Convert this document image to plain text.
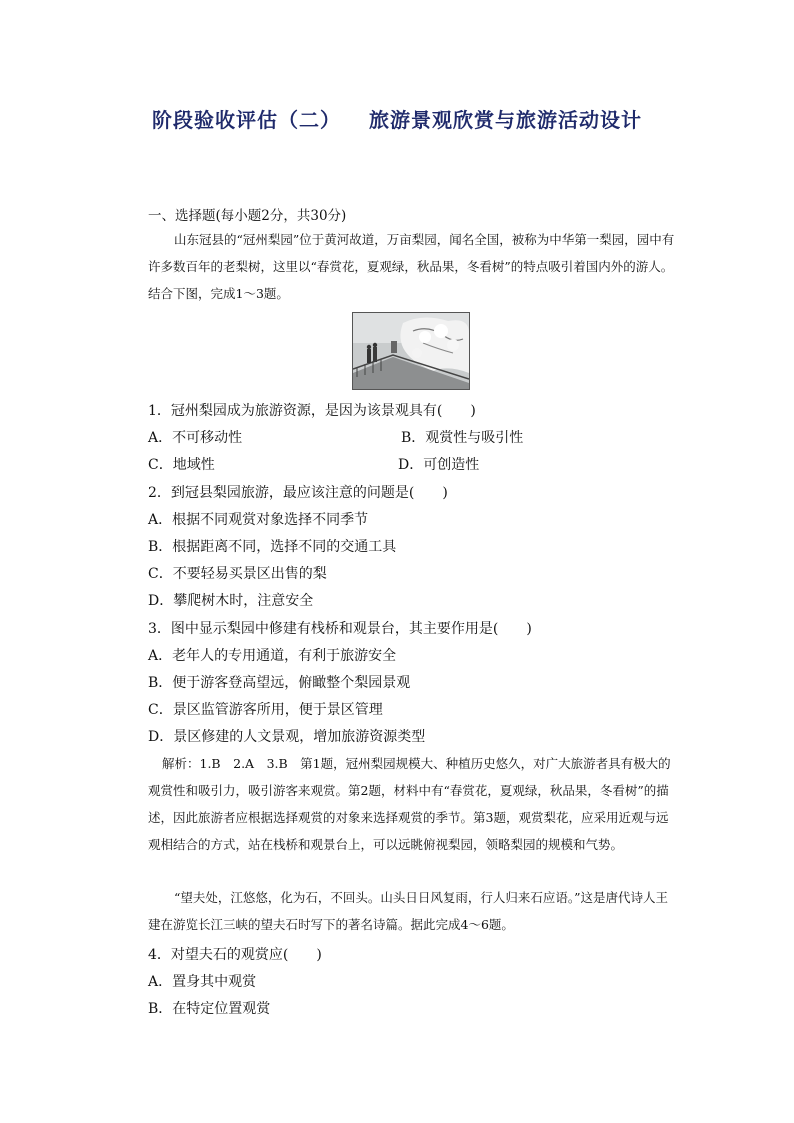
阶段验收评估（二） 旅游景观欣赏与旅游活动设计
一、选择题(每小题2分，共30分)
山东冠县的“冠州梨园”位于黄河故道，万亩梨园，闻名全国，被称为中华第一梨园，园中有许多数百年的老梨树，这里以“春赏花，夏观绿，秋品果，冬看树”的特点吸引着国内外的游人。结合下图，完成1～3题。
1．冠州梨园成为旅游资源，是因为该景观具有(　　)
A．不可移动性	B．观赏性与吸引性
C．地域性	D．可创造性
2．到冠县梨园旅游，最应该注意的问题是(　　)
A．根据不同观赏对象选择不同季节
B．根据距离不同，选择不同的交通工具
C．不要轻易买景区出售的梨
D．攀爬树木时，注意安全
3．图中显示梨园中修建有栈桥和观景台，其主要作用是(　　)
A．老年人的专用通道，有利于旅游安全
B．便于游客登高望远，俯瞰整个梨园景观
C．景区监管游客所用，便于景区管理
D．景区修建的人文景观，增加旅游资源类型
解析：1.B　2.A　3.B　第1题，冠州梨园规模大、种植历史悠久，对广大旅游者具有极大的观赏性和吸引力，吸引游客来观赏。第2题，材料中有“春赏花，夏观绿，秋品果，冬看树”的描述，因此旅游者应根据选择观赏的对象来选择观赏的季节。第3题，观赏梨花，应采用近观与远观相结合的方式，站在栈桥和观景台上，可以远眺俯视梨园，领略梨园的规模和气势。
“望夫处，江悠悠，化为石，不回头。山头日日风复雨，行人归来石应语。”这是唐代诗人王建在游览长江三峡的望夫石时写下的著名诗篇。据此完成4～6题。
4．对望夫石的观赏应(　　)
A．置身其中观赏
B．在特定位置观赏
